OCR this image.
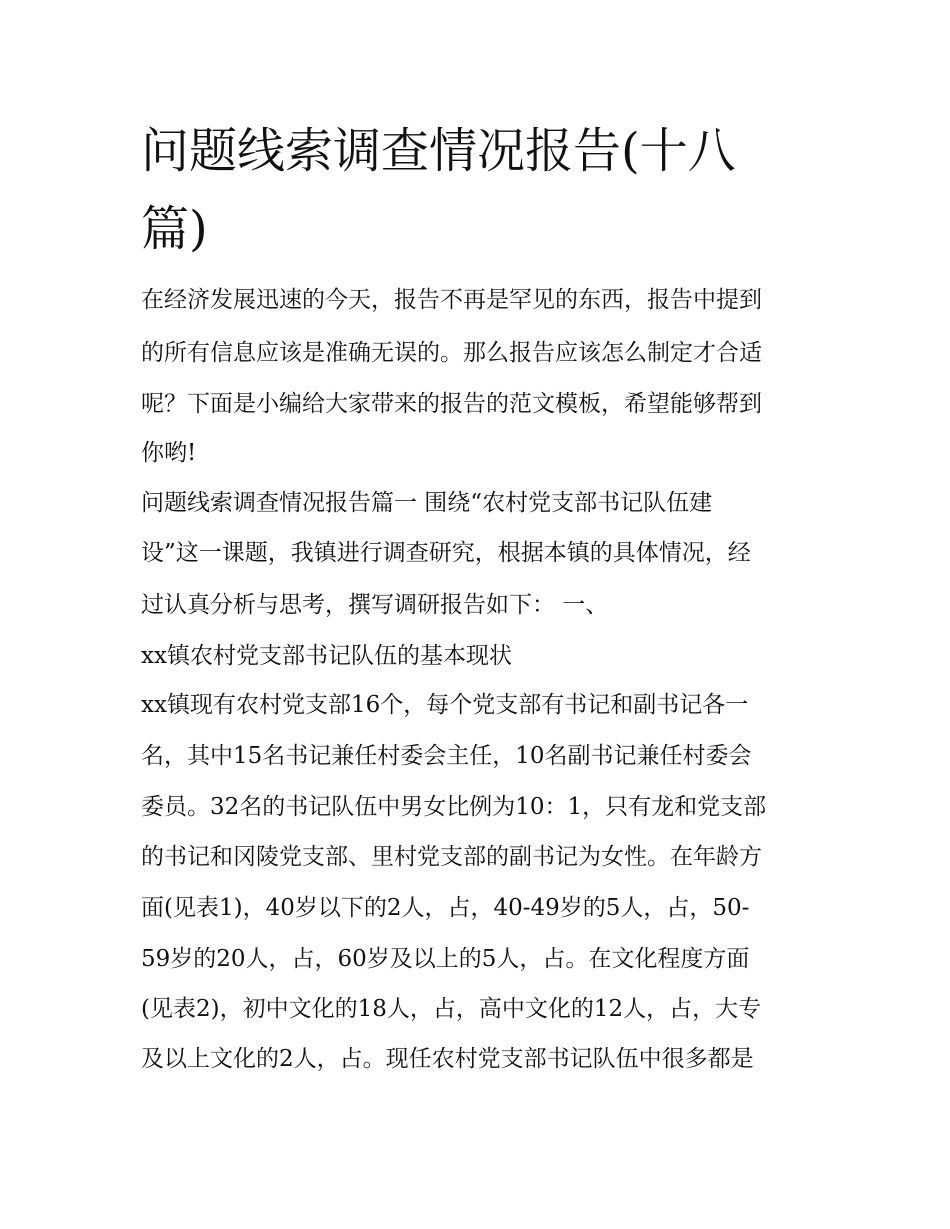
问题线索调查情况报告(十八
篇)
在经济发展迅速的今天，报告不再是罕见的东西，报告中提到
的所有信息应该是准确无误的。那么报告应该怎么制定才合适
呢？下面是小编给大家带来的报告的范文模板，希望能够帮到
你哟!
问题线索调查情况报告篇一 围绕“农村党支部书记队伍建
设”这一课题，我镇进行调查研究，根据本镇的具体情况，经
过认真分析与思考，撰写调研报告如下： 一、
xx镇农村党支部书记队伍的基本现状
xx镇现有农村党支部16个，每个党支部有书记和副书记各一
名，其中15名书记兼任村委会主任，10名副书记兼任村委会
委员。32名的书记队伍中男女比例为10：1，只有龙和党支部
的书记和冈陵党支部、里村党支部的副书记为女性。在年龄方
面(见表1)，40岁以下的2人，占，40-49岁的5人，占，50-
59岁的20人，占，60岁及以上的5人，占。在文化程度方面
(见表2)，初中文化的18人，占，高中文化的12人，占，大专
及以上文化的2人，占。现任农村党支部书记队伍中很多都是
